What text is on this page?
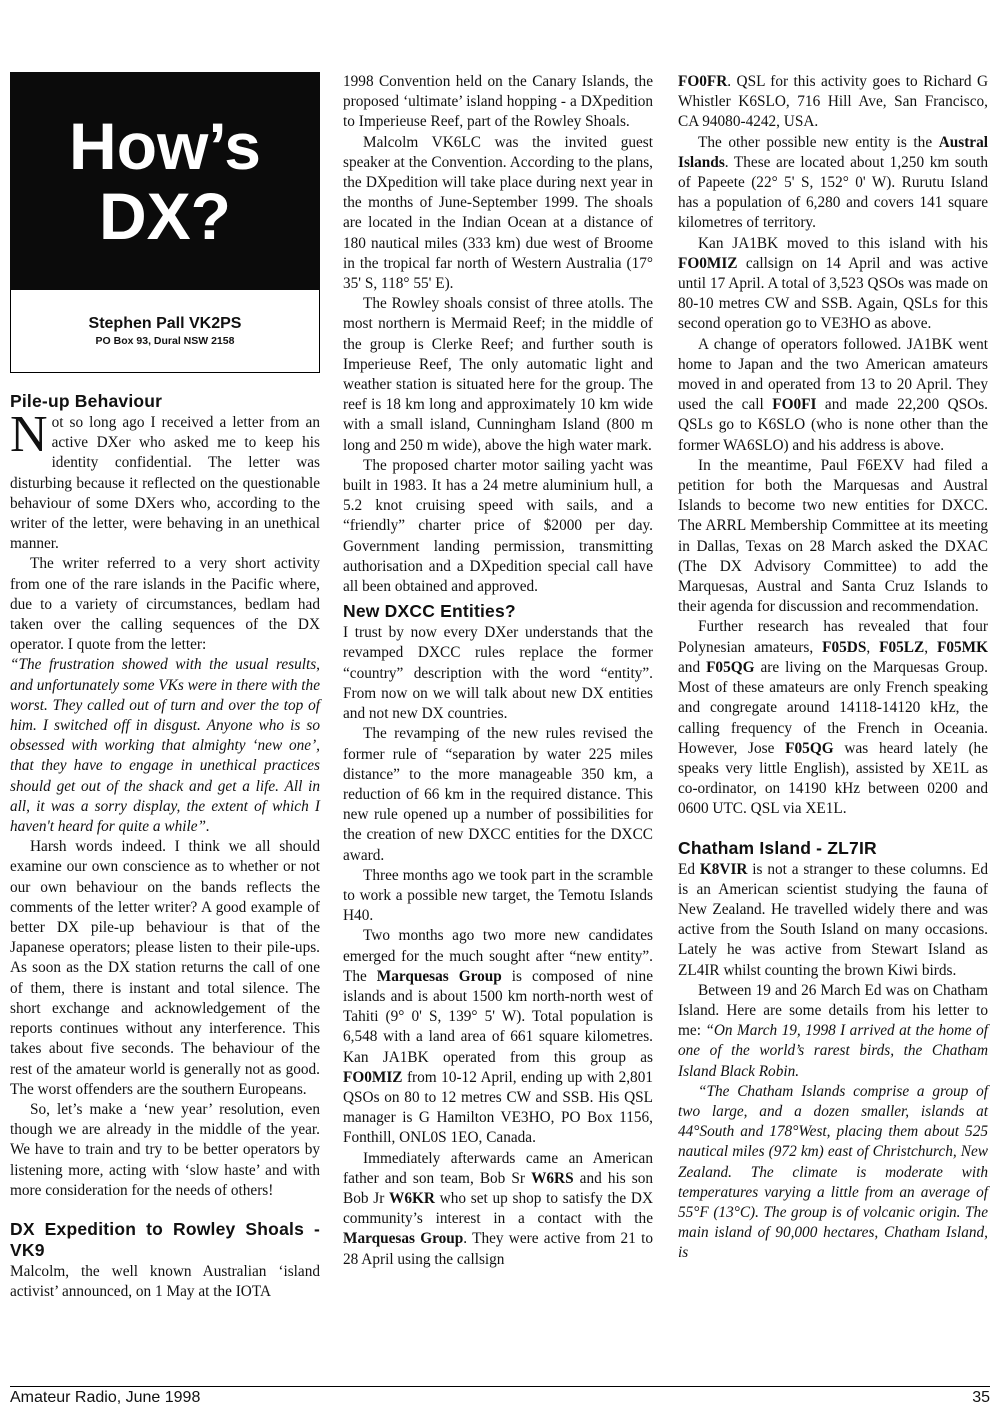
How’s
DX?
Stephen Pall VK2PS
PO Box 93, Dural NSW 2158
Pile-up Behaviour

Not so long ago I received a letter from an active DXer who asked me to keep his identity confidential. The letter was disturbing because it reflected on the questionable behaviour of some DXers who, according to the writer of the letter, were behaving in an unethical manner.

The writer referred to a very short activity from one of the rare islands in the Pacific where, due to a variety of circumstances, bedlam had taken over the calling sequences of the DX operator. I quote from the letter:

“The frustration showed with the usual results, and unfortunately some VKs were in there with the worst. They called out of turn and over the top of him. I switched off in disgust. Anyone who is so obsessed with working that almighty ‘new one’, that they have to engage in unethical practices should get out of the shack and get a life. All in all, it was a sorry display, the extent of which I haven't heard for quite a while”.

Harsh words indeed. I think we all should examine our own conscience as to whether or not our own behaviour on the bands reflects the comments of the letter writer? A good example of better DX pile-up behaviour is that of the Japanese operators; please listen to their pile-ups. As soon as the DX station returns the call of one of them, there is instant and total silence. The short exchange and acknowledgement of the reports continues without any interference. This takes about five seconds. The behaviour of the rest of the amateur world is generally not as good. The worst offenders are the southern Europeans.

So, let’s make a ‘new year’ resolution, even though we are already in the middle of the year. We have to train and try to be better operators by listening more, acting with ‘slow haste’ and with more consideration for the needs of others!

DX Expedition to Rowley Shoals - VK9

Malcolm, the well known Australian ‘island activist’ announced, on 1 May at the IOTA

1998 Convention held on the Canary Islands, the proposed ‘ultimate’ island hopping - a DXpedition to Imperieuse Reef, part of the Rowley Shoals.

Malcolm VK6LC was the invited guest speaker at the Convention. According to the plans, the DXpedition will take place during next year in the months of June-September 1999. The shoals are located in the Indian Ocean at a distance of 180 nautical miles (333 km) due west of Broome in the tropical far north of Western Australia (17° 35' S, 118° 55' E).

The Rowley shoals consist of three atolls. The most northern is Mermaid Reef; in the middle of the group is Clerke Reef; and further south is Imperieuse Reef, The only automatic light and weather station is situated here for the group. The reef is 18 km long and approximately 10 km wide with a small island, Cunningham Island (800 m long and 250 m wide), above the high water mark.

The proposed charter motor sailing yacht was built in 1983. It has a 24 metre aluminium hull, a 5.2 knot cruising speed with sails, and a “friendly” charter price of $2000 per day. Government landing permission, transmitting authorisation and a DXpedition special call have all been obtained and approved.

New DXCC Entities?

I trust by now every DXer understands that the revamped DXCC rules replace the former “country” description with the word “entity”. From now on we will talk about new DX entities and not new DX countries.

The revamping of the new rules revised the former rule of “separation by water 225 miles distance” to the more manageable 350 km, a reduction of 66 km in the required distance. This new rule opened up a number of possibilities for the creation of new DXCC entities for the DXCC award.

Three months ago we took part in the scramble to work a possible new target, the Temotu Islands H40.

Two months ago two more new candidates emerged for the much sought after “new entity”. The Marquesas Group is composed of nine islands and is about 1500 km north-north west of Tahiti (9° 0' S, 139° 5' W). Total population is 6,548 with a land area of 661 square kilometres. Kan JA1BK operated from this group as FO0MIZ from 10-12 April, ending up with 2,801 QSOs on 80 to 12 metres CW and SSB. His QSL manager is G Hamilton VE3HO, PO Box 1156, Fonthill, ONL0S 1EO, Canada.

Immediately afterwards came an American father and son team, Bob Sr W6RS and his son Bob Jr W6KR who set up shop to satisfy the DX community’s interest in a contact with the Marquesas Group. They were active from 21 to 28 April using the callsign

FO0FR. QSL for this activity goes to Richard G Whistler K6SLO, 716 Hill Ave, San Francisco, CA 94080-4242, USA.

The other possible new entity is the Austral Islands. These are located about 1,250 km south of Papeete (22° 5' S, 152° 0' W). Rurutu Island has a population of 6,280 and covers 141 square kilometres of territory.

Kan JA1BK moved to this island with his FO0MIZ callsign on 14 April and was active until 17 April. A total of 3,523 QSOs was made on 80-10 metres CW and SSB. Again, QSLs for this second operation go to VE3HO as above.

A change of operators followed. JA1BK went home to Japan and the two American amateurs moved in and operated from 13 to 20 April. They used the call FO0FI and made 22,200 QSOs. QSLs go to K6SLO (who is none other than the former WA6SLO) and his address is above.

In the meantime, Paul F6EXV had filed a petition for both the Marquesas and Austral Islands to become two new entities for DXCC. The ARRL Membership Committee at its meeting in Dallas, Texas on 28 March asked the DXAC (The DX Advisory Committee) to add the Marquesas, Austral and Santa Cruz Islands to their agenda for discussion and recommendation.

Further research has revealed that four Polynesian amateurs, F05DS, F05LZ, F05MK and F05QG are living on the Marquesas Group. Most of these amateurs are only French speaking and congregate around 14118-14120 kHz, the calling frequency of the French in Oceania. However, Jose F05QG was heard lately (he speaks very little English), assisted by XE1L as co-ordinator, on 14190 kHz between 0200 and 0600 UTC. QSL via XE1L.

Chatham Island - ZL7IR

Ed K8VIR is not a stranger to these columns. Ed is an American scientist studying the fauna of New Zealand. He travelled widely there and was active from the South Island on many occasions. Lately he was active from Stewart Island as ZL4IR whilst counting the brown Kiwi birds.

Between 19 and 26 March Ed was on Chatham Island. Here are some details from his letter to me: “On March 19, 1998 I arrived at the home of one of the world’s rarest birds, the Chatham Island Black Robin.

“The Chatham Islands comprise a group of two large, and a dozen smaller, islands at 44°South and 178°West, placing them about 525 nautical miles (972 km) east of Christchurch, New Zealand. The climate is moderate with temperatures varying a little from an average of 55°F (13°C). The group is of volcanic origin. The main island of 90,000 hectares, Chatham Island, is

Amateur Radio, June 1998	35
